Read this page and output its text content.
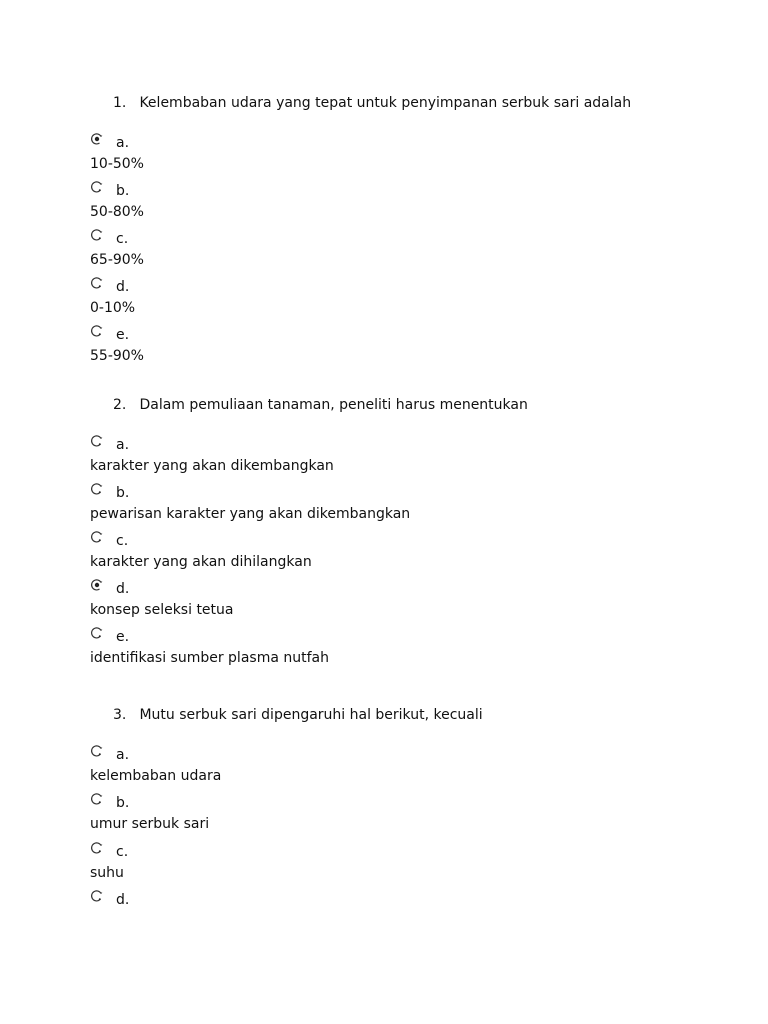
1. Kelembaban udara yang tepat untuk penyimpanan serbuk sari adalah
a.
10-50%
b.
50-80%
c.
65-90%
d.
0-10%
e.
55-90%
2. Dalam pemuliaan tanaman, peneliti harus menentukan
a.
karakter yang akan dikembangkan
b.
pewarisan karakter yang akan dikembangkan
c.
karakter yang akan dihilangkan
d.
konsep seleksi tetua
e.
identifikasi sumber plasma nutfah
3. Mutu serbuk sari dipengaruhi hal berikut, kecuali
a.
kelembaban udara
b.
umur serbuk sari
c.
suhu
d.
